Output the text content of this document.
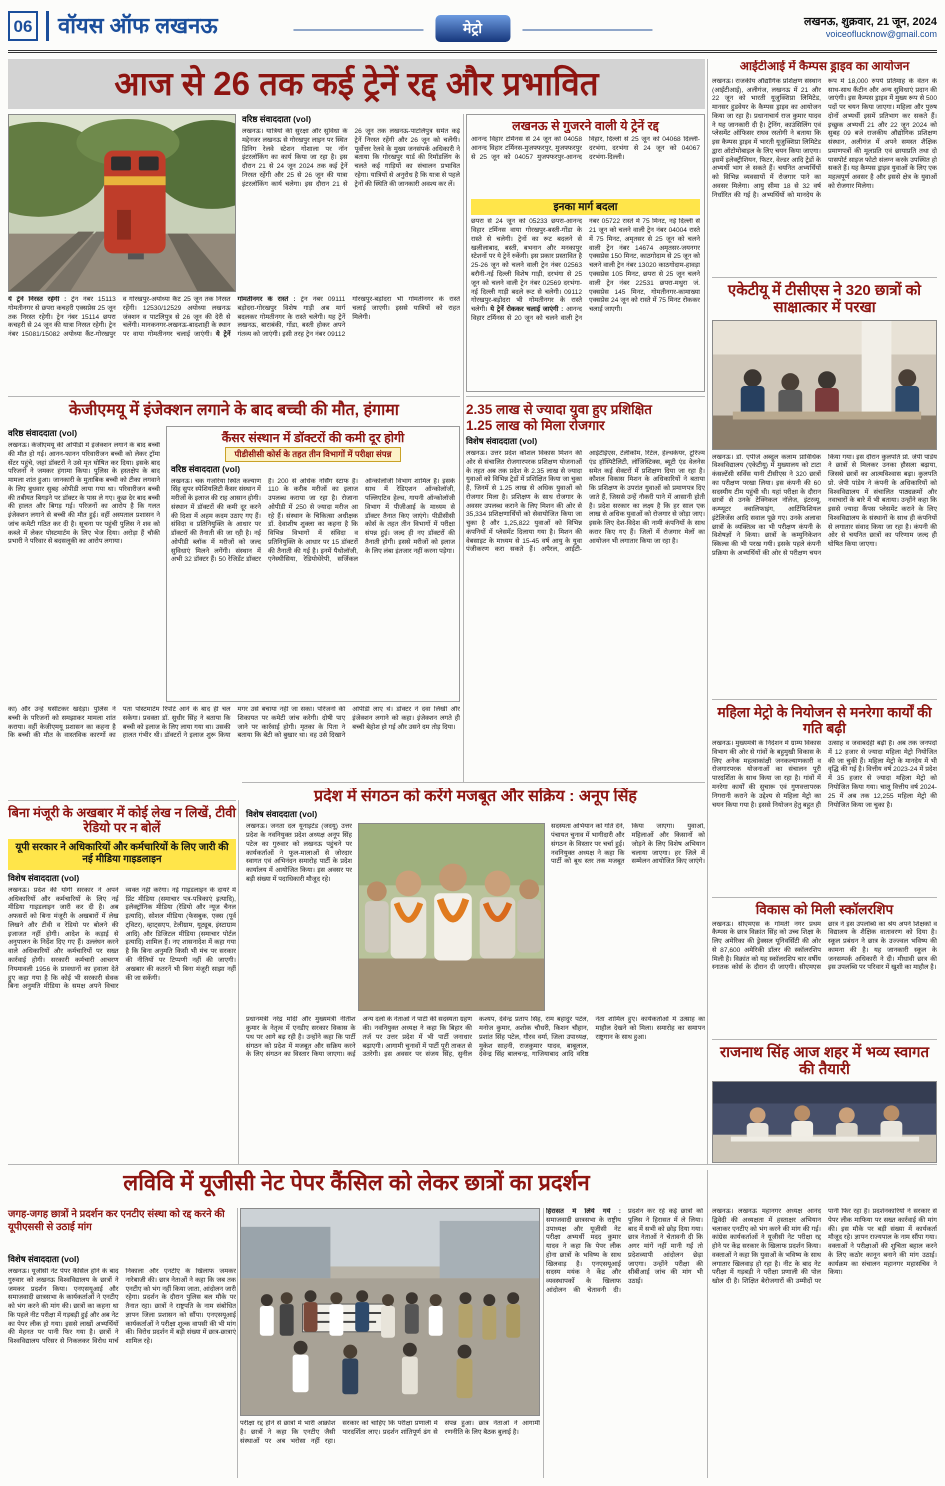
06	वॉयस ऑफ लखनऊ	मेट्रो	लखनऊ, शुक्रवार, 21 जून, 2024
voiceoflucknow@gmail.com
आज से 26 तक कई ट्रेनें रद्द और प्रभावित
वरिष्ठ संवाददाता (vol)

लखनऊ। यात्रियों की सुरक्षा और सुविधा के मद्देनजर लखनऊ से गोरखपुर लाइन पर स्थित डिनिग रेलवे स्टेशन गोशाला पर नॉन इंटरलॉकिंग का कार्य किया जा रहा है। इस दौरान 21 से 24 जून 2024 तक कई ट्रेनें निरस्त रहेंगी और 25 से 26 जून की यात्रा इंटरलॉकिंग कार्य चलेगा। इस दौरान 21 से 26 जून तक लखनऊ-पाटलिपुत्र समेत कई ट्रेनें निरस्त रहेंगी और 26 जून को चलेंगी। पूर्वोत्तर रेलवे के मुख्य जनसंपर्क अधिकारी ने बताया कि गोरखपुर यार्ड की रिमॉडलिंग के चलते कई गाड़ियों का संचालन प्रभावित रहेगा। यात्रियों से अनुरोध है कि यात्रा से पहले ट्रेनों की स्थिति की जानकारी अवश्य कर लें।

ये ट्रेनें निरस्त रहेंगी : ट्रेन नंबर 15113 गोमतीनगर से छपरा कचहरी एक्सप्रेस 25 जून तक निरस्त रहेगी। ट्रेन नंबर 15114 छपरा कचहरी से 24 जून की यात्रा निरस्त रहेगी। ट्रेन नंबर 15081/15082 अयोध्या कैंट-गोरखपुर व गोरखपुर-अयोध्या कैंट 25 जून तक निरस्त रहेंगी। 12530/12529 अयोध्या लखनऊ जंक्शन व पाटलिपुत्र से 26 जून की देरी से चलेंगी। मानकनगर-लखनऊ-बादशाही के स्थान पर वाया गोमतीनगर चलाई जाएंगी। ये ट्रेनें गोमतीनगर के रास्ते : ट्रेन नंबर 09111 बड़ोदरा-गोरखपुर विशेष गाड़ी अब मार्ग बदलकर गोमतीनगर के रास्ते चलेगी। यह ट्रेनें लखनऊ, बाराबंकी, गोंडा, बस्ती होकर अपने गंतव्य को जाएंगी। इसी तरह ट्रेन नंबर 09112 गोरखपुर-बड़ोदरा भी गोमतीनगर के रास्ते चलाई जाएगी। इससे यात्रियों को राहत मिलेगी।

लखनऊ से गुजरने वाली ये ट्रेनें रद्द

आनन्द विहार टर्मिनस से 24 जून को 04058 आनन्द विहार टर्मिनस-मुजफ्फरपुर, मुजफ्फरपुर से 25 जून को 04057 मुजफ्फरपुर-आनन्द विहार, दिल्ली से 25 जून को 04068 दिल्ली-दरभंगा, दरभंगा से 24 जून को 04067 दरभंगा-दिल्ली।

इनका मार्ग बदला

छपरा से 24 जून को 05233 छपरा-आनन्द विहार टर्मिनस वाया गोरखपुर-बस्ती-गोंडा के रास्ते से चलेगी। ट्रेनों का रूट बदलने से खलीलाबाद, बस्ती, बभनान और मनकापुर स्टेशनों पर ये ट्रेनें रुकेंगी। इस प्रकार प्रस्तावित है 25-26 जून को चलने वाली ट्रेन नंबर 02563 बरौनी-नई दिल्ली विशेष गाड़ी, दरभंगा से 25 जून को चलने वाली ट्रेन नंबर 02569 दरभंगा-नई दिल्ली गाड़ी बदले रूट से चलेगी। 09112 गोरखपुर-बड़ोदरा भी गोमतीनगर के रास्ते चलेगी। ये ट्रेनें रोककर चलाई जाएंगी : आनन्द विहार टर्मिनस से 20 जून को चलने वाली ट्रेन नंबर 05722 रास्ते में 75 मिनट, नई दिल्ली से 21 जून को चलने वाली ट्रेन नंबर 04004 रास्ते में 75 मिनट, अमृतसर से 25 जून को चलने वाली ट्रेन नंबर 14674 अमृतसर-जयनगर एक्सप्रेस 150 मिनट, काठगोदाम से 25 जून को चलने वाली ट्रेन नंबर 13020 काठगोदाम-हावड़ा एक्सप्रेस 105 मिनट, छपरा से 25 जून चलने वाली ट्रेन नंबर 22531 छपरा-मथुरा जं. एक्सप्रेस 145 मिनट, गोमतीनगर-कामाख्या एक्सप्रेस 24 जून को रास्ते में 75 मिनट रोककर चलाई जाएगी।

आईटीआई में कैम्पस ड्राइव का आयोजन

लखनऊ। राजकीय औद्योगिक प्रशिक्षण संस्थान (आईटीआई), अलीगंज, लखनऊ में 21 और 22 जून को भारती यूजुक्शिप्रा लिमिटेड, मानसर हुडवेयर के कैम्पस ड्राइव का आयोजन किया जा रहा है। प्रधानाचार्य राज कुमार यादव ने यह जानकारी दी है। ट्रेनिंग, काउंसिलिंग एवं प्लेसमेंट ऑफिसर राघव रस्तोगी ने बताया कि इस कैम्पस ड्राइव में भारती यूजुक्शिप्रा लिमिटेड द्वारा ऑटोमोबाइल के लिए चयन किया जाएगा। इसमें इलेक्ट्रीशियन, फिटर, वेल्डर आदि ट्रेडों के अभ्यर्थी भाग ले सकते हैं। चयनित अभ्यर्थियों को विभिन्न व्यवसायों में रोजगार पाने का अवसर मिलेगा। आयु सीमा 18 से 32 वर्ष निर्धारित की गई है। अभ्यर्थियों को मानदेय के रूप में 18,000 रुपये प्रतिमाह के वेतन के साथ-साथ कैंटीन और अन्य सुविधाएं प्रदान की जाएंगी। इस कैम्पस ड्राइव में मुख्य रूप से 500 पदों पर चयन किया जाएगा। महिला और पुरुष दोनों अभ्यर्थी इसमें प्रतिभाग कर सकते हैं। इच्छुक अभ्यर्थी 21 और 22 जून 2024 को सुबह 09 बजे राजकीय औद्योगिक प्रशिक्षण संस्थान, अलीगंज में अपने समस्त शैक्षिक प्रमाणपत्रों की मूलप्रति एवं छायाप्रति तथा दो पासपोर्ट साइज फोटो संलग्न करके उपस्थित हो सकते हैं। यह कैम्पस ड्राइव युवाओं के लिए एक महत्वपूर्ण अवसर है और इससे क्षेत्र के युवाओं को रोजगार मिलेगा।

एकेटीयू में टीसीएस ने 320 छात्रों को साक्षात्कार में परखा

लखनऊ। डॉ. एपीजे अब्दुल कलाम प्राविधिक विश्वविद्यालय (एकेटीयू) में मुख्यालय को टाटा कंसल्टेंसी सर्विस यानी टीसीएस ने 320 छात्रों का परीक्षण परखा लिया। इस कंपनी की 60 सदस्यीय टीम पहुंची थी। यहां परीक्षा के दौरान छात्रों से उनके टेक्निकल नॉलेज, इंटरव्यू, कम्प्यूटर क्वालिफाइंग, आर्टिफिशियल इंटेलिजेंस आदि सवाल पूछे गए। उनके अलावा छात्रों के व्यक्तित्व का भी परीक्षण कंपनी के विशेषज्ञों ने किया। छात्रों के कम्युनिकेशन स्किल्स की भी परख गयी। इसके पहले कंपनी प्रक्रिया के अभ्यर्थियों की ओर से परीक्षण चयन किया गया। इस दौरान कुलपति प्रो. जेपी पांडेय ने छात्रों से मिलकर उनका हौसला बढ़ाया, जिससे छात्रों का आत्मविश्वास बढ़ा। कुलपति प्रो. जेपी पांडेय ने कंपनी के अधिकारियों को विश्वविद्यालय में संचालित पाठ्यक्रमों और नवाचारों के बारे में भी बताया। उन्होंने कहा कि इससे ज्यादा कैंपस प्लेसमेंट कराने के लिए विश्वविद्यालय के संस्थानों के साथ ही कंपनियों से लगातार संवाद किया जा रहा है। कंपनी की ओर से चयनित छात्रों का परिणाम जल्द ही घोषित किया जाएगा।

महिला मेट्रो के नियोजन से मनरेगा कार्यों की गति बढ़ी

लखनऊ। मुख्यमंत्री के निर्देशन में ग्राम्य विकास विभाग की ओर से गांवों के बहुमुखी विकास के लिए अनेक महत्वाकांक्षी जनकल्याणकारी व रोजगारपरक योजनाओं का संचालन पूरी पारदर्शिता के साथ किया जा रहा है। गांवों में मनरेगा कार्यों की सुचारू एवं गुणवत्तापरक निगरानी कराने के उद्देश्य से महिला मेट्रो का चयन किया गया है। इससे नियोजन हेतु बहुत ही उत्साह व जवाबदेही बढ़ी है। अब तक जनपदों में 12 हजार से ज्यादा महिला मेट्रो नियोजित की जा चुकी हैं। महिला मेट्रो के मानदेय में भी वृद्धि की गई है। वित्तीय वर्ष 2023-24 में प्रदेश में 35 हजार से ज्यादा महिला मेट्रो को नियोजित किया गया। चालू वित्तीय वर्ष 2024-25 में अब तक 12,255 महिला मेट्रो की नियोजित किया जा चुका है।

विकास को मिली स्कॉलरशिप

लखनऊ। सीएमएस के गोमती नगर प्रथम कैम्पस के छात्र विक्रांत सिंह को उच्च शिक्षा के लिए अमेरिका की ड्रेक्सल यूनिवर्सिटी की ओर से 87,600 अमेरिकी डॉलर की स्कॉलरशिप मिली है। विक्रांत को यह स्कॉलरशिप चार वर्षीय स्नातक कोर्स के दौरान दी जाएगी। सीएमएस छात्र ने इस उपलब्धि का श्रेय अपने शिक्षकों व विद्यालय के शैक्षिक वातावरण को दिया है। स्कूल प्रबंधन ने छात्र के उज्ज्वल भविष्य की कामना की है। यह जानकारी स्कूल के जनसम्पर्क अधिकारी ने दी। मीधावी छात्र की इस उपलब्धि पर परिवार में खुशी का माहौल है।

राजनाथ सिंह आज शहर में भव्य स्वागत की तैयारी
केजीएमयू में इंजेक्शन लगाने के बाद बच्ची की मौत, हंगामा
वरिष्ठ संवाददाता (vol)

लखनऊ। केजीएमयू की ओपीडी में इंजेक्शन लगाने के बाद बच्ची की मौत हो गई। आनन-फानन परिवारीजन बच्ची को लेकर ट्रॉमा सेंटर पहुंचे, जहां डॉक्टरों ने उसे मृत घोषित कर दिया। इसके बाद परिजनों ने जमकर हंगामा किया। पुलिस के हस्तक्षेप के बाद मामला शांत हुआ। जानकारी के मुताबिक बच्ची को टीका लगवाने के लिए बुधवार सुबह ओपीडी लाया गया था। परिवारीजन बच्ची की तबीयत बिगड़ने पर डॉक्टर के पास ले गए। कुछ देर बाद बच्ची की हालत और बिगड़ गई। परिजनों का आरोप है कि गलत इंजेक्शन लगाने से बच्ची की मौत हुई। वहीं अस्पताल प्रशासन ने जांच कमेटी गठित कर दी है। सूचना पर पहुंची पुलिस ने शव को कब्जे में लेकर पोस्टमार्टम के लिए भेज दिया। अरोड़ा हैं चौकी प्रभारी ने परिवार से बदसलूकी का आरोप लगाया।

कैंसर संस्थान में डॉक्टरों की कमी दूर होगी
पीडीसीसी कोर्स के तहत तीन विभागों में परीक्षा संपन्न
वरिष्ठ संवाददाता (vol)

लखनऊ। चक गंजरिया स्थित कल्याण सिंह सुपर स्पेशियलिटी कैंसर संस्थान में मरीजों के इलाज की राह आसान होगी। संस्थान में डॉक्टरों की कमी दूर करने की दिशा में अहम कदम उठाए गए हैं। संविदा व प्रतिनियुक्ति के आधार पर डॉक्टरों की तैनाती की जा रही है। नई ओपीडी ब्लॉक में मरीजों को जल्द सुविधाएं मिलने लगेंगी। संस्थान में अभी 32 डॉक्टर हैं। 50 रेजिडेंट डॉक्टर हैं। 200 से अधिक नर्सिंग स्टाफ है। 110 के करीब मरीजों का इलाज उपलब्ध कराया जा रहा है। रोजाना ओपीडी में 250 से ज्यादा मरीज आ रहे हैं। संस्थान के चिकित्सा अधीक्षक डॉ. देवाशीष शुक्ला का कहना है कि विभिन्न विभागों में संविदा व प्रतिनियुक्ति के आधार पर 15 डॉक्टरों की तैनाती की गई है। इनमें पैथोलॉजी, एनेस्थीसिया, रेडियोथेरेपी, सर्जिकल ऑन्कोलॉजी विभाग शामिल हैं। इसके साथ में रेडिएशन ऑन्कोलॉजी, पल्लिएटिव हेल्थ, गायनी ऑन्कोलॉजी विभाग में पीजीआई के माध्यम से डॉक्टर तैनात किए जाएंगे। पीडीसीसी कोर्स के तहत तीन विभागों में परीक्षा संपन्न हुई। जल्द ही नए डॉक्टरों की तैनाती होगी। इससे मरीजों को इलाज के लिए लंबा इंतजार नहीं करना पड़ेगा।

का) और उन्हें घसीटकर खदेड़ा। पुलिस ने बच्ची के परिजनों को समझाकर मामला शांत कराया। वहीं केजीएमयू प्रशासन का कहना है कि बच्ची की मौत के वास्तविक कारणों का पता पोस्टमार्टम रिपोर्ट आने के बाद ही चल सकेगा। प्रवक्ता डॉ. सुधीर सिंह ने बताया कि बच्ची को इलाज के लिए लाया गया था। उसकी हालत गंभीर थी। डॉक्टरों ने इलाज शुरू किया मगर उसे बचाया नहीं जा सका। परिजनों की शिकायत पर कमेटी जांच करेगी। दोषी पाए जाने पर कार्रवाई होगी। मृतका के पिता ने बताया कि बेटी को बुखार था। वह उसे दिखाने ओपीडी लाए थे। डॉक्टर ने दवा लिखी और इंजेक्शन लगाने को कहा। इंजेक्शन लगते ही बच्ची बेहोश हो गई और उसने दम तोड़ दिया।

2.35 लाख से ज्यादा युवा हुए प्रशिक्षित
1.25 लाख को मिला रोजगार
विशेष संवाददाता (vol)

लखनऊ। उत्तर प्रदेश कौशल विकास मिशन की ओर से संचालित रोजगारपरक प्रशिक्षण योजनाओं के तहत अब तक प्रदेश के 2.35 लाख से ज्यादा युवाओं को विभिन्न ट्रेडों में प्रशिक्षित किया जा चुका है, जिनमें से 1.25 लाख से अधिक युवाओं को रोजगार मिला है। प्रशिक्षण के साथ रोजगार के अवसर उपलब्ध कराने के लिए मिशन की ओर से 35,334 प्रशिक्षणार्थियों को सेवायोजित किया जा चुका है और 1,25,822 युवाओं को विभिन्न कंपनियों में प्लेसमेंट दिलाया गया है। मिशन की वेबसाइट के माध्यम से 15-45 वर्ष आयु के युवा पंजीकरण करा सकते हैं। अपैरल, आईटी-आईटीईएस, टेलीकॉम, रिटेल, हेल्थकेयर, टूरिज्म एंड हॉस्पिटैलिटी, लॉजिस्टिक्स, ब्यूटी एंड वेलनेस समेत कई सेक्टरों में प्रशिक्षण दिया जा रहा है। कौशल विकास मिशन के अधिकारियों ने बताया कि प्रशिक्षण के उपरांत युवाओं को प्रमाणपत्र दिए जाते हैं, जिससे उन्हें नौकरी पाने में आसानी होती है। प्रदेश सरकार का लक्ष्य है कि हर साल एक लाख से अधिक युवाओं को रोजगार से जोड़ा जाए। इसके लिए देश-विदेश की नामी कंपनियों के साथ करार किए गए हैं। जिलों में रोजगार मेलों का आयोजन भी लगातार किया जा रहा है।

प्रदेश में संगठन को करेंगे मजबूत और सक्रिय : अनूप सिंह
विशेष संवाददाता (vol)

लखनऊ। जनता दल यूनाइटेड (जदयू) उत्तर प्रदेश के नवनियुक्त प्रदेश अध्यक्ष अनूप सिंह पटेल का गुरुवार को लखनऊ पहुंचने पर कार्यकर्ताओं ने फूल-मालाओं से जोरदार स्वागत एवं अभिनंदन समारोह पार्टी के प्रदेश कार्यालय में आयोजित किया। इस अवसर पर बड़ी संख्या में पदाधिकारी मौजूद रहे।

सदस्यता अभियान को गति देने, पंचायत चुनाव में भागीदारी और संगठन के विस्तार पर चर्चा हुई। नवनियुक्त अध्यक्ष ने कहा कि पार्टी को बूथ स्तर तक मजबूत किया जाएगा। युवाओं, महिलाओं और किसानों को जोड़ने के लिए विशेष अभियान चलाया जाएगा। हर जिले में सम्मेलन आयोजित किए जाएंगे।

प्रधानमंत्री नरेंद्र मोदी और मुख्यमंत्री नीतीश कुमार के नेतृत्व में एनडीए सरकार विकास के पथ पर आगे बढ़ रही है। उन्होंने कहा कि पार्टी संगठन को प्रदेश में मजबूत और सक्रिय करने के लिए संगठन का विस्तार किया जाएगा। कई अन्य दलों के नेताओं ने पार्टी की सदस्यता ग्रहण की। नवनियुक्त अध्यक्ष ने कहा कि बिहार की तर्ज पर उत्तर प्रदेश में भी पार्टी जनाधार बढ़ाएगी। आगामी चुनावों में पार्टी पूरी ताकत से उतरेगी। इस अवसर पर संजय सिंह, सुनील कश्यप, देवेन्द्र प्रताप सिंह, राम बहादुर पटेल, मनोज कुमार, अशोक चौधरी, किशन चौहान, प्रशांत सिंह पटेल, गौरव वर्मा, जिला उपाध्यक्ष, मुकेश साहनी, राजकुमार यादव, बाबूलाल, देवेन्द्र सिंह बालचन्द्र, गाजियाबाद आदि वरिष्ठ नेता शामिल हुए। कार्यकर्ताओं में उत्साह का माहौल देखने को मिला। समारोह का समापन राष्ट्रगान के साथ हुआ।

बिना मंजूरी के अखबार में कोई लेख न लिखें, टीवी रेडियो पर न बोलें
यूपी सरकार ने अधिकारियों और कर्मचारियों के लिए जारी की नई मीडिया गाइडलाइन
विशेष संवाददाता (vol)

लखनऊ। प्रदेश की योगी सरकार ने अपने अधिकारियों और कर्मचारियों के लिए नई मीडिया गाइडलाइन जारी कर दी है। अब अफसरों को बिना मंजूरी के अखबारों में लेख लिखने और टीवी व रेडियो पर बोलने की इजाजत नहीं होगी। आदेश के कड़ाई से अनुपालन के निर्देश दिए गए हैं। उल्लंघन करने वाले अधिकारियों और कर्मचारियों पर सख्त कार्रवाई होगी। सरकारी कर्मचारी आचरण नियमावली 1956 के प्रावधानों का हवाला देते हुए कहा गया है कि कोई भी सरकारी सेवक बिना अनुमति मीडिया के समक्ष अपने विचार व्यक्त नहीं करेगा। नई गाइडलाइन के दायरे में प्रिंट मीडिया (समाचार पत्र-पत्रिकाएं इत्यादि), इलेक्ट्रॉनिक मीडिया (रेडियो और न्यूज चैनल इत्यादि), सोशल मीडिया (फेसबुक, एक्स (पूर्व ट्विटर), व्हाट्सएप, टेलीग्राम, यूट्यूब, इंस्टाग्राम आदि) और डिजिटल मीडिया (समाचार पोर्टल इत्यादि) शामिल हैं। नए शासनादेश में कहा गया है कि बिना अनुमति किसी भी मंच पर सरकार की नीतियों पर टिप्पणी नहीं की जाएगी। अखबार की कतरनें भी बिना मंजूरी साझा नहीं की जा सकेंगी।

लविवि में यूजीसी नेट पेपर कैंसिल को लेकर छात्रों का प्रदर्शन
जगह-जगह छात्रों ने प्रदर्शन कर एनटीए संस्था को रद्द करने की यूपीएससी से उठाई मांग
विशेष संवाददाता (vol)

लखनऊ। यूजीसी नेट पेपर कैंसिल होने के बाद गुरुवार को लखनऊ विश्वविद्यालय के छात्रों ने जमकर प्रदर्शन किया। एनएसयूआई और समाजवादी छात्रसभा के कार्यकर्ताओं ने एनटीए को भंग करने की मांग की। छात्रों का कहना था कि पहले नीट परीक्षा में गड़बड़ी हुई और अब नेट का पेपर लीक हो गया। इससे लाखों अभ्यर्थियों की मेहनत पर पानी फिर गया है। छात्रों ने विश्वविद्यालय परिसर से निकलकर विरोध मार्च निकाला और एनटीए के खिलाफ जमकर नारेबाजी की। छात्र नेताओं ने कहा कि जब तक एनटीए को भंग नहीं किया जाता, आंदोलन जारी रहेगा। प्रदर्शन के दौरान पुलिस बल मौके पर तैनात रहा। छात्रों ने राष्ट्रपति के नाम संबोधित ज्ञापन जिला प्रशासन को सौंपा। एनएसयूआई कार्यकर्ताओं ने परीक्षा शुल्क वापसी की भी मांग की। विरोध प्रदर्शन में बड़ी संख्या में छात्र-छात्राएं शामिल रहे।

परीक्षा रद्द होने से छात्रों में भारी आक्रोश है। छात्रों ने कहा कि एनटीए जैसी संस्थाओं पर अब भरोसा नहीं रहा। सरकार को चाहिए कि परीक्षा प्रणाली में पारदर्शिता लाए। प्रदर्शन शांतिपूर्ण ढंग से संपन्न हुआ। छात्र नेताओं ने आगामी रणनीति के लिए बैठक बुलाई है।

हिरासत में लिये गये : समाजवादी छात्रसभा के राष्ट्रीय उपाध्यक्ष और यूजीसी नेट परीक्षा अभ्यर्थी मदद कुमार यादव ने कहा कि पेपर लीक होना छात्रों के भविष्य के साथ खिलवाड़ है। एनएसयूआई सदस्य मयंक ने केंद्र और व्यवस्थापकों के खिलाफ आंदोलन की चेतावनी दी। प्रदर्शन कर रहे कई छात्रों को पुलिस ने हिरासत में ले लिया। बाद में सभी को छोड़ दिया गया। छात्र नेताओं ने चेतावनी दी कि अगर मांगें नहीं मानी गईं तो प्रदेशव्यापी आंदोलन छेड़ा जाएगा। उन्होंने परीक्षा की सीबीआई जांच की मांग भी उठाई।

लखनऊ। लखनऊ महानगर अध्यक्ष आनंद द्विवेदी की अध्यक्षता में हस्ताक्षर अभियान चलाकर एनटीए को भंग करने की मांग की गई। कांग्रेस कार्यकर्ताओं ने यूजीसी नेट परीक्षा रद्द होने पर केंद्र सरकार के खिलाफ प्रदर्शन किया। वक्ताओं ने कहा कि युवाओं के भविष्य के साथ लगातार खिलवाड़ हो रहा है। नीट के बाद नेट परीक्षा में गड़बड़ी ने परीक्षा प्रणाली की पोल खोल दी है। शिक्षित बेरोजगारों की उम्मीदों पर पानी फिर रहा है। प्रदर्शनकारियों ने सरकार से पेपर लीक माफिया पर सख्त कार्रवाई की मांग की। इस मौके पर बड़ी संख्या में कार्यकर्ता मौजूद रहे। ज्ञापन राज्यपाल के नाम सौंपा गया। वक्ताओं ने परीक्षाओं की शुचिता बहाल करने के लिए कठोर कानून बनाने की मांग उठाई। कार्यक्रम का संचालन महानगर महासचिव ने किया।
